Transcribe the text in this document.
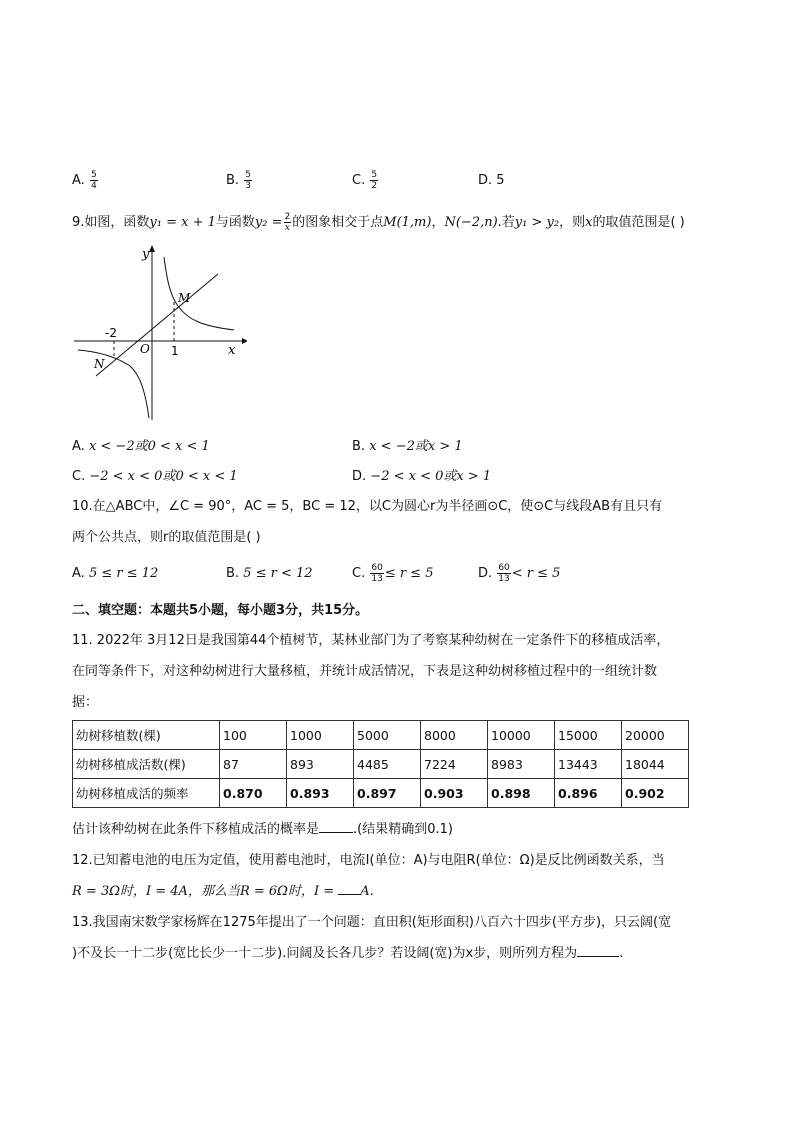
A. $\frac{5}{4}$	B. $\frac{5}{3}$	C. $\frac{5}{2}$	D. 5
9.如图，函数y₁ = x + 1与函数$y_2 = \frac{2}{x}$ 的图象相交于点M(1,m)，N(−2,n).若y₁ > y₂，则x的取值范围是( )
y
x
O
-2
1
M
N
A. x < −2或0 < x < 1	B. x < −2或x > 1
C. −2 < x < 0或0 < x < 1	D. −2 < x < 0或x > 1
10.在△ABC中，∠C = 90°，AC = 5，BC = 12，以C为圆心r为半径画⊙C，使⊙C与线段AB有且只有
两个公共点，则r的取值范围是( )
A. 5 ≤ r ≤ 12	B. 5 ≤ r < 12	C. $\frac{60}{13} \le r \le 5$	D. $\frac{60}{13} < r \le 5$
二、填空题：本题共5小题，每小题3分，共15分。
11. 2022年 3月12日是我国第44个植树节，某林业部门为了考察某种幼树在一定条件下的移植成活率，
在同等条件下，对这种幼树进行大量移植，并统计成活情况，下表是这种幼树移植过程中的一组统计数
据：
幼树移植数(棵)	100	1000	5000	8000	10000	15000	20000
幼树移植成活数(棵)	87	893	4485	7224	8983	13443	18044
幼树移植成活的频率	0.870	0.893	0.897	0.903	0.898	0.896	0.902
估计该种幼树在此条件下移植成活的概率是	.(结果精确到0.1)
12.已知蓄电池的电压为定值，使用蓄电池时，电流I(单位：A)与电阻R(单位：Ω)是反比例函数关系，当
R = 3Ω时，I = 4A，那么当R = 6Ω时，I = A.
13.我国南宋数学家杨辉在1275年提出了一个问题：直田积(矩形面积)八百六十四步(平方步)，只云阔(宽
)不及长一十二步(宽比长少一十二步).问阔及长各几步？若设阔(宽)为x步，则所列方程为	.
